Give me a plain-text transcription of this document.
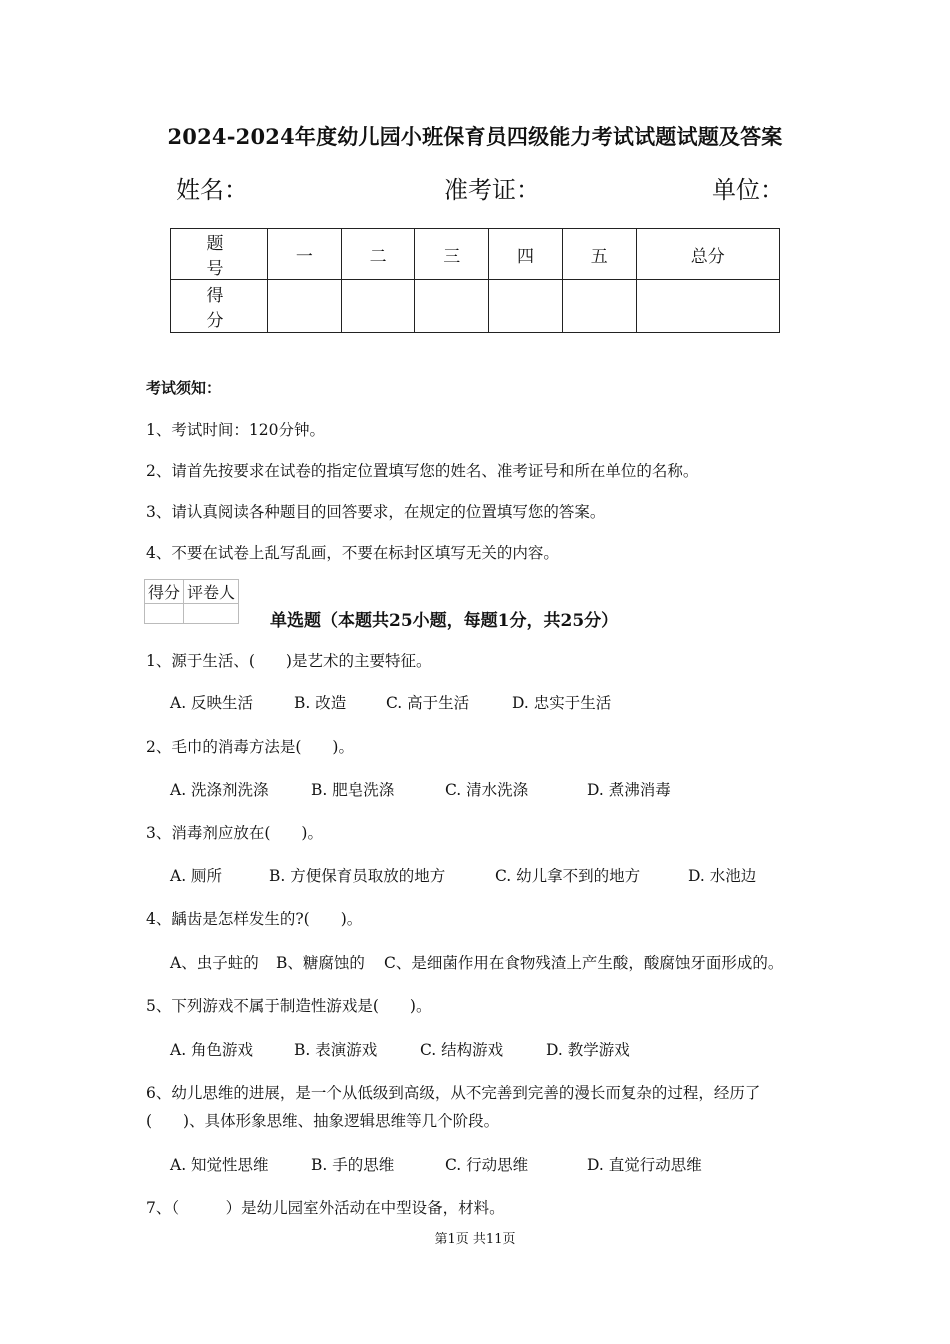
2024-2024年度幼儿园小班保育员四级能力考试试题试题及答案
姓名：	准考证：	单位：
题　号	一	二	三	四	五	总分
得　分						
考试须知：
1、考试时间：120分钟。
2、请首先按要求在试卷的指定位置填写您的姓名、准考证号和所在单位的名称。
3、请认真阅读各种题目的回答要求，在规定的位置填写您的答案。
4、不要在试卷上乱写乱画，不要在标封区填写无关的内容。
得分	评卷人

单选题（本题共25小题，每题1分，共25分）
1、源于生活、(　　)是艺术的主要特征。
A. 反映生活	B. 改造	C. 高于生活	D. 忠实于生活
2、毛巾的消毒方法是(　　)。
A. 洗涤剂洗涤	B. 肥皂洗涤	C. 清水洗涤	D. 煮沸消毒
3、消毒剂应放在(　　)。
A. 厕所	B. 方便保育员取放的地方	C. 幼儿拿不到的地方	D. 水池边
4、龋齿是怎样发生的?(　　)。
A、虫子蛀的 B、糖腐蚀的 C、是细菌作用在食物残渣上产生酸，酸腐蚀牙面形成的。
5、下列游戏不属于制造性游戏是(　　)。
A. 角色游戏	B. 表演游戏	C. 结构游戏	D. 教学游戏
6、幼儿思维的进展，是一个从低级到高级，从不完善到完善的漫长而复杂的过程，经历了
(　　)、具体形象思维、抽象逻辑思维等几个阶段。
A. 知觉性思维	B. 手的思维	C. 行动思维	D. 直觉行动思维
7、（　　　）是幼儿园室外活动在中型设备，材料。
第1页 共11页
